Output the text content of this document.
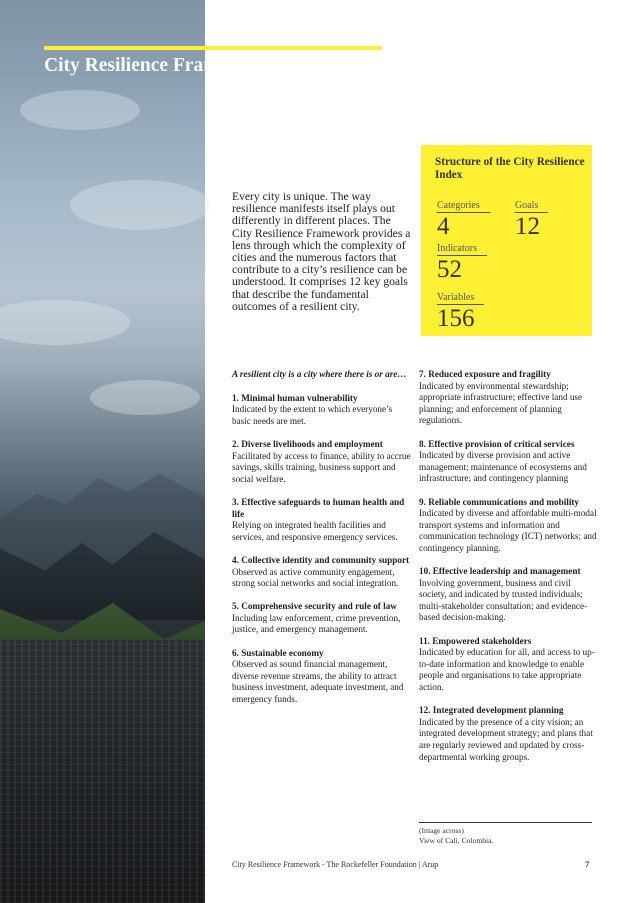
City Resilience Framework
Every city is unique. The way resilience manifests itself plays out differently in different places. The City Resilience Framework provides a lens through which the complexity of cities and the numerous factors that contribute to a city’s resilience can be understood. It comprises 12 key goals that describe the fundamental outcomes of a resilient city.
Structure of the City Resilience Index
Categories
4
Goals
12
Indicators
52
Variables
156

A resilient city is a city where there is or are…

1. Minimal human vulnerability

Indicated by the extent to which everyone’s basic needs are met.

2. Diverse livelihoods and employment

Facilitated by access to finance, ability to accrue savings, skills training, business support and social welfare.

3. Effective safeguards to human health and life

Relying on integrated health facilities and services, and responsive emergency services.

4. Collective identity and community support

Observed as active community engagement, strong social networks and social integration.

5. Comprehensive security and rule of law

Including law enforcement, crime prevention, justice, and emergency management.

6. Sustainable economy

Observed as sound financial management, diverse revenue streams, the ability to attract business investment, adequate investment, and emergency funds.

7. Reduced exposure and fragility

Indicated by environmental stewardship; appropriate infrastructure; effective land use planning; and enforcement of planning regulations.

8. Effective provision of critical services

Indicated by diverse provision and active management; maintenance of ecosystems and infrastructure; and contingency planning

9. Reliable communications and mobility

Indicated by diverse and affordable multi-modal transport systems and information and communication technology (ICT) networks; and contingency planning.

10. Effective leadership and management

Involving government, business and civil society, and indicated by trusted individuals; multi-stakeholder consultation; and evidence-based decision-making.

11. Empowered stakeholders

Indicated by education for all, and access to up-to-date information and knowledge to enable people and organisations to take appropriate action.

12. Integrated development planning

Indicated by the presence of a city vision; an integrated development strategy; and plans that are regularly reviewed and updated by cross-departmental working groups.

(Image across)
View of Cali, Colombia.
City Resilience Framework - The Rockefeller Foundation | Arup	7
